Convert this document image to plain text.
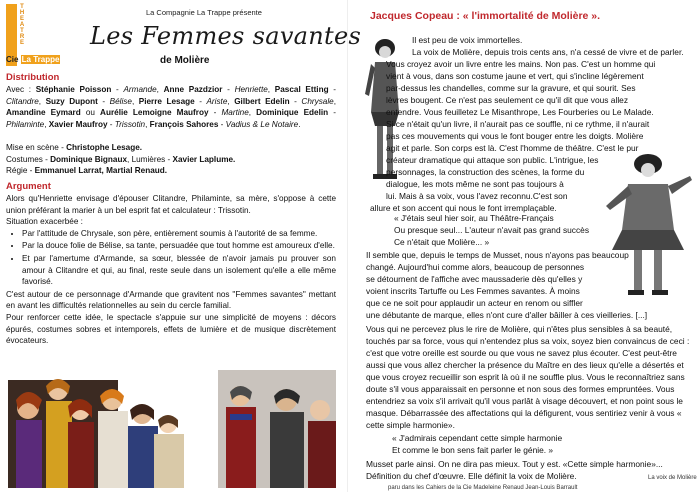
T
H
E
A
T
R
E
Cie La Trappe
La Compagnie La Trappe présente
Les Femmes savantes
de Molière
Distribution

Avec : Stéphanie Poisson - Armande, Anne Pazdzior - Henriette, Pascal Etting - Clitandre, Suzy Dupont - Bélise, Pierre Lesage - Ariste, Gilbert Edelin - Chrysale, Amandine Eymard ou Aurélie Lemoigne Maufroy - Martine, Dominique Edelin - Philaminte, Xavier Maufroy - Trissotin, François Sahores - Vadius & Le Notaire.

Mise en scène - Christophe Lesage.

Costumes - Dominique Bignaux, Lumières - Xavier Laplume.

Régie - Emmanuel Larrat, Martial Renaud.

Argument

Alors qu'Henriette envisage d'épouser Clitandre, Philaminte, sa mère, s'oppose à cette union préférant la marier à un bel esprit fat et calculateur : Trissotin.

Situation exacerbée :

• Par l'attitude de Chrysale, son père, entièrement soumis à l'autorité de sa femme.
• Par la douce folie de Bélise, sa tante, persuadée que tout homme est amoureux d'elle.
• Et par l'amertume d'Armande, sa sœur, blessée de n'avoir jamais pu prouver son amour à Clitandre et qui, au final, reste seule dans un isolement qu'elle a elle même favorisé.

C'est autour de ce personnage d'Armande que gravitent nos "Femmes savantes" mettant en avant les difficultés relationnelles au sein du cercle familial.

Pour renforcer cette idée, le spectacle s'appuie sur une simplicité de moyens : décors épurés, costumes sobres et intemporels, effets de lumière et de musique discrètement évocateurs.

Jacques Copeau : « l'immortalité de Molière ».
Il est peu de voix immortelles.
La voix de Molière, depuis trois cents ans, n'a cessé de vivre et de parler.
Vous croyez avoir un livre entre les mains. Non pas. C'est un homme qui
vient à vous, dans son costume jaune et vert, qui s'incline légèrement
par-dessus les chandelles, comme sur la gravure, et qui sourit. Ses
lèvres bougent. Ce n'est pas seulement ce qu'il dit que vous allez
entendre. Vous feuilletez Le Misanthrope, Les Fourberies ou Le Malade.
Si ce n'était qu'un livre, il n'aurait pas ce souffle, ni ce rythme, il n'aurait
pas ces mouvements qui vous le font bouger entre les doigts. Molière
agit et parle. Son corps est là. C'est l'homme de théâtre. C'est le pur
créateur dramatique qui attaque son public. L'intrigue, les
personnages, la construction des scènes, la forme du
dialogue, les mots même ne sont pas toujours à
lui. Mais à sa voix, vous l'avez reconnu.C'est son
allure et son accent qui nous le font irremplaçable.
« J'étais seul hier soir, au Théâtre-Français
Ou presque seul... L'auteur n'avait pas grand succès
Ce n'était que Molière... »
Il semble que, depuis le temps de Musset, nous n'ayons pas beaucoup
changé. Aujourd'hui comme alors, beaucoup de personnes
se détournent de l'affiche avec maussaderie dès qu'elles y
voient inscrits Tartuffe ou Les Femmes savantes. À moins
que ce ne soit pour applaudir un acteur en renom ou siffler
une débutante de marque, elles n'ont cure d'aller bâiller à ces vieilleries. [...]
Vous qui ne percevez plus le rire de Molière, qui n'êtes plus sensibles à sa beauté,
touchés par sa force, vous qui n'entendez plus sa voix, soyez bien convaincus de ceci :
c'est que votre oreille est sourde ou que vous ne savez plus écouter. C'est peut-être
aussi que vous allez chercher la présence du Maître en des lieux qu'elle a désertés et
que vous croyez recueillir son esprit là où il ne souffle plus. Vous le reconnaîtriez sans
doute s'il vous apparaissait en personne et non sous des formes empruntées. Vous
entendriez sa voix s'il arrivait qu'il vous parlât à visage découvert, et non point sous le
masque. Débarrassée des affectations qui la défigurent, vous sentiriez venir à vous «
cette simple harmonie».
« J'admirais cependant cette simple harmonie
Et comme le bon sens fait parler le génie. »
Musset parle ainsi. On ne dira pas mieux. Tout y est. «Cette simple harmonie»...
Définition du chef d'œuvre. Elle définit la voix de Molière.	La voix de Molière
paru dans les Cahiers de la Cie Madeleine Renaud Jean-Louis Barrault
